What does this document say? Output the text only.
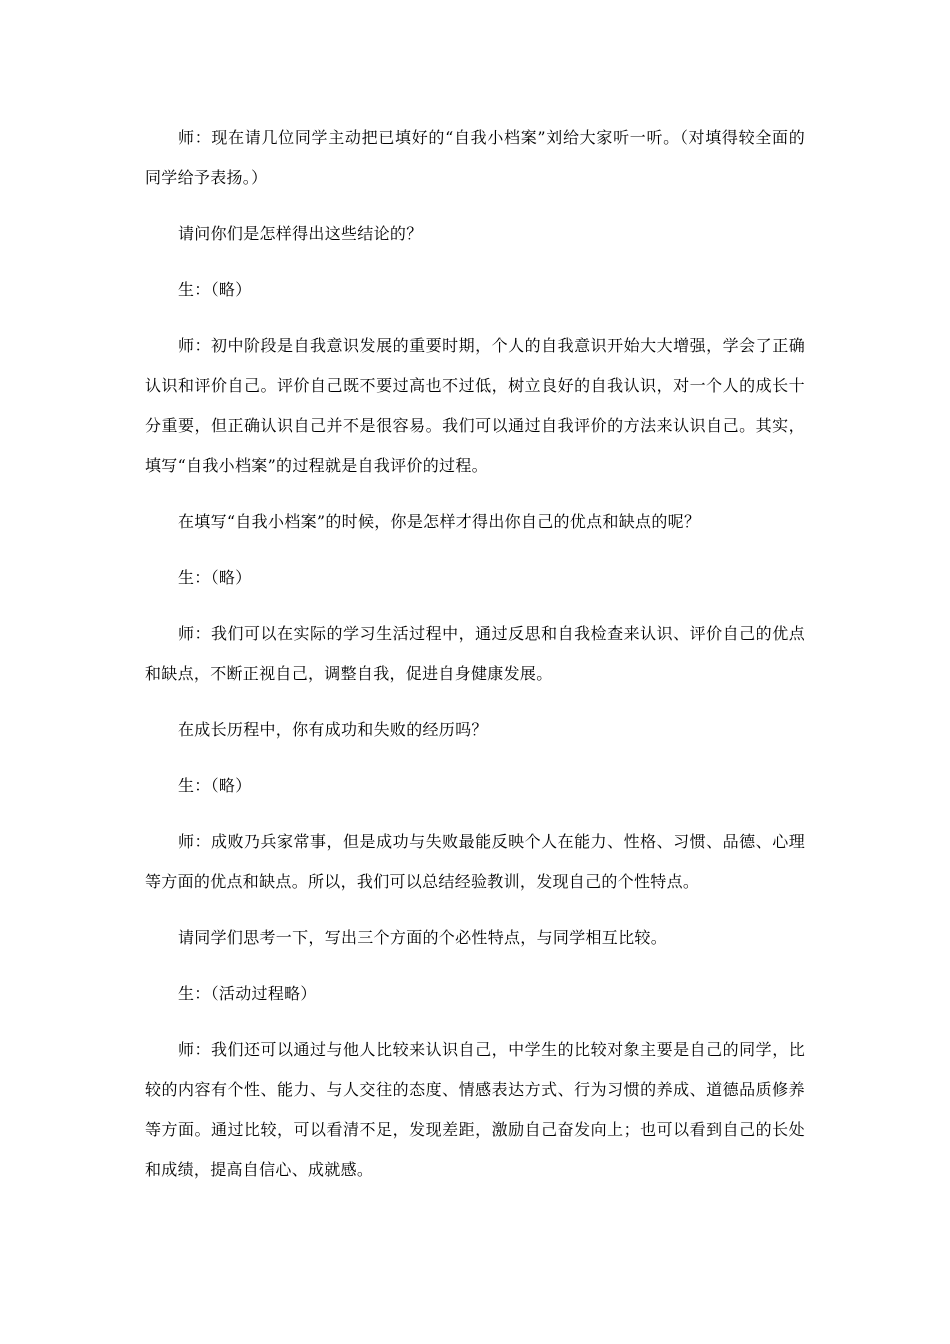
师：现在请几位同学主动把已填好的“自我小档案”刘给大家听一听。（对填得较全面的同学给予表扬。）

请问你们是怎样得出这些结论的？

生：（略）

师：初中阶段是自我意识发展的重要时期，个人的自我意识开始大大增强，学会了正确认识和评价自己。评价自己既不要过高也不过低，树立良好的自我认识，对一个人的成长十分重要，但正确认识自己并不是很容易。我们可以通过自我评价的方法来认识自己。其实，填写“自我小档案”的过程就是自我评价的过程。

在填写“自我小档案”的时候，你是怎样才得出你自己的优点和缺点的呢？

生：（略）

师：我们可以在实际的学习生活过程中，通过反思和自我检查来认识、评价自己的优点和缺点，不断正视自己，调整自我，促进自身健康发展。

在成长历程中，你有成功和失败的经历吗？

生：（略）

师：成败乃兵家常事，但是成功与失败最能反映个人在能力、性格、习惯、品德、心理等方面的优点和缺点。所以，我们可以总结经验教训，发现自己的个性特点。

请同学们思考一下，写出三个方面的个必性特点，与同学相互比较。

生：（活动过程略）

师：我们还可以通过与他人比较来认识自己，中学生的比较对象主要是自己的同学，比较的内容有个性、能力、与人交往的态度、情感表达方式、行为习惯的养成、道德品质修养等方面。通过比较，可以看清不足，发现差距，激励自己奋发向上；也可以看到自己的长处和成绩，提高自信心、成就感。
